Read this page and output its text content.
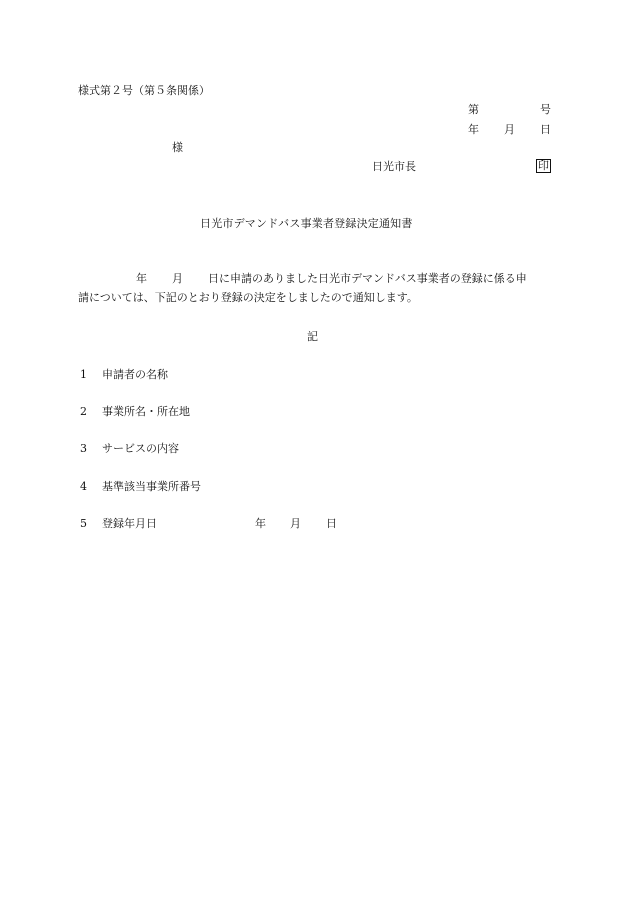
様式第２号（第５条関係）
第	号
年 月 日
様
日光市長	印
日光市デマンドバス事業者登録決定通知書
年 月 日に申請のありました日光市デマンドバス事業者の登録に係る申
請については、下記のとおり登録の決定をしましたので通知します。
記
1 申請者の名称
2 事業所名・所在地
3 サービスの内容
4 基準該当事業所番号
5 登録年月日	年 月 日
